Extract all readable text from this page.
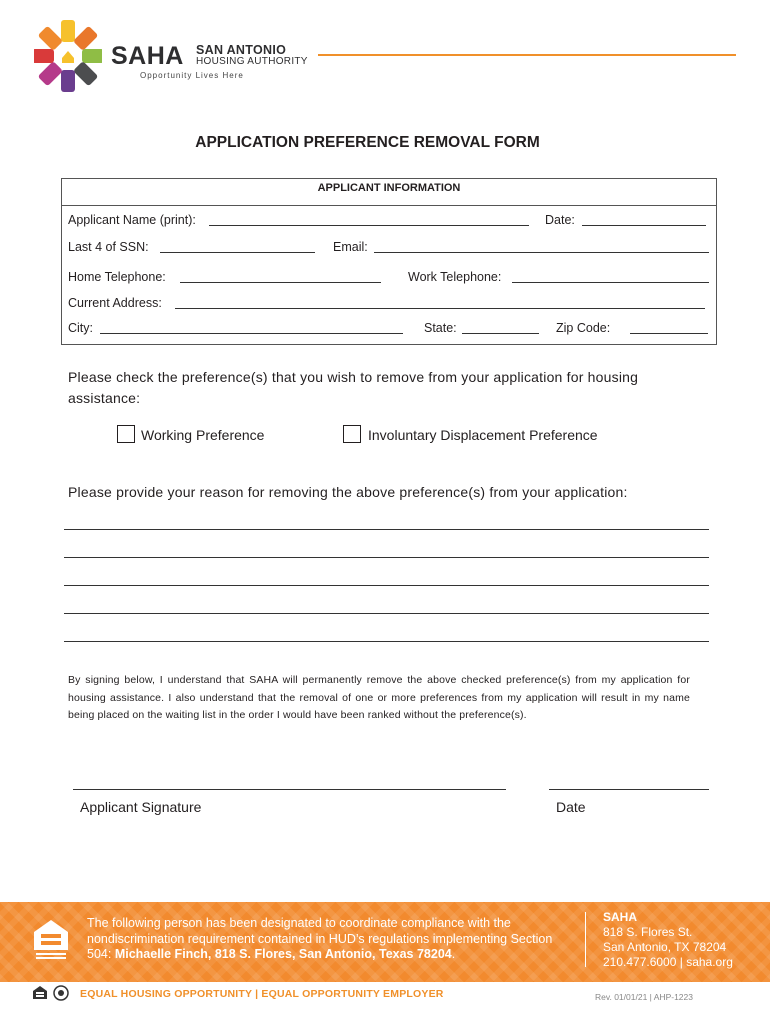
SAHA SAN ANTONIO
HOUSING AUTHORITY
Opportunity Lives Here
APPLICATION PREFERENCE REMOVAL FORM
APPLICANT INFORMATION
Applicant Name (print):	Date:
Last 4 of SSN:	Email:
Home Telephone:	Work Telephone:
Current Address:
City:	State:	Zip Code:
Please check the preference(s) that you wish to remove from your application for housing assistance:
Working Preference	Involuntary Displacement Preference
Please provide your reason for removing the above preference(s) from your application:
By signing below, I understand that SAHA will permanently remove the above checked preference(s) from my application for housing assistance. I also understand that the removal of one or more preferences from my application will result in my name being placed on the waiting list in the order I would have been ranked without the preference(s).
Applicant Signature	Date
The following person has been designated to coordinate compliance with the nondiscrimination requirement contained in HUD’s regulations implementing Section 504: Michaelle Finch, 818 S. Flores, San Antonio, Texas 78204.
SAHA
818 S. Flores St.
San Antonio, TX 78204
210.477.6000 | saha.org
EQUAL HOUSING OPPORTUNITY | EQUAL OPPORTUNITY EMPLOYER	Rev. 01/01/21 | AHP-1223
